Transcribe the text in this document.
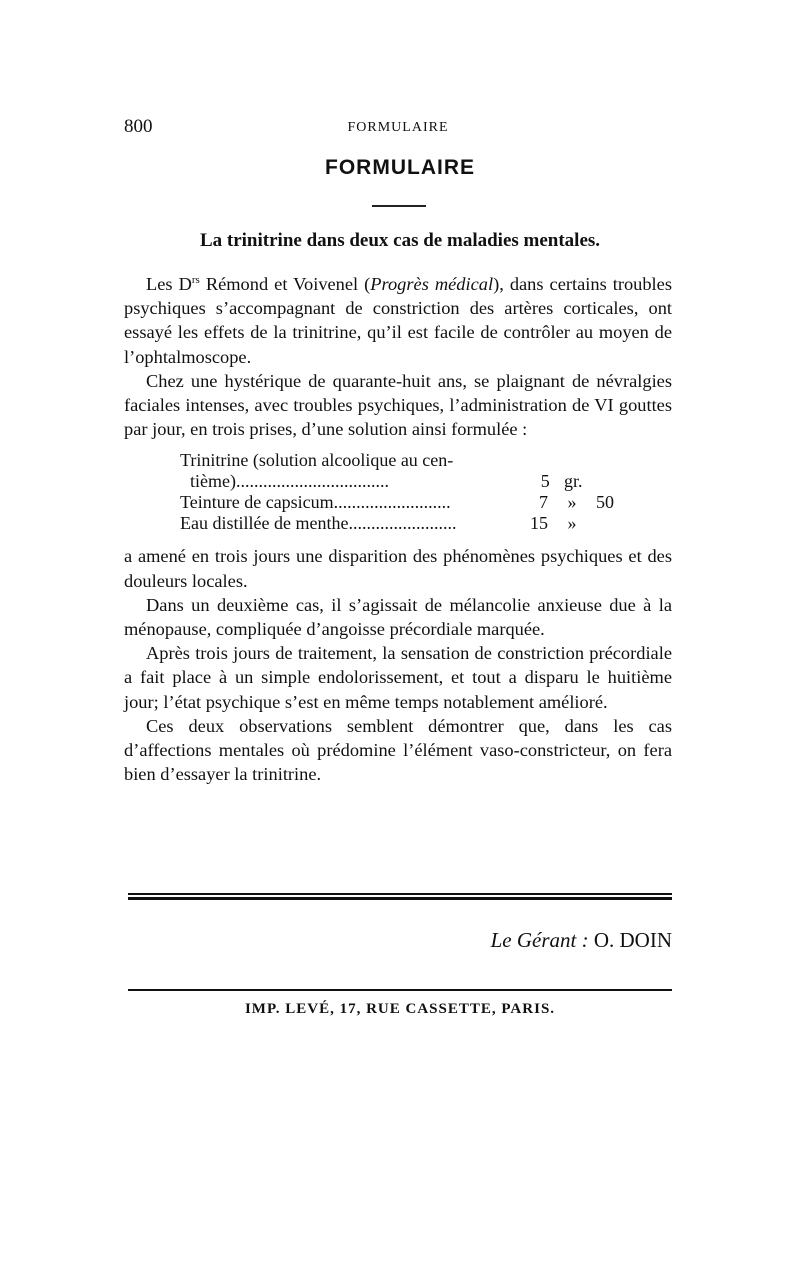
800	FORMULAIRE
FORMULAIRE
La trinitrine dans deux cas de maladies mentales.

Les $D^{rs}$ Rémond et Voivenel (Progrès médical), dans certains troubles psychiques s’accompagnant de constriction des artères corticales, ont essayé les effets de la trinitrine, qu’il est facile de contrôler au moyen de l’ophtalmoscope.

Chez une hystérique de quarante-huit ans, se plaignant de névralgies faciales intenses, avec troubles psychiques, l’administration de VI gouttes par jour, en trois prises, d’une solution ainsi formulée :

Trinitrine (solution alcoolique au cen-
tième)..................................	5 gr.
Teinture de capsicum..........................	7	»	50
Eau distillée de menthe........................	15	»

a amené en trois jours une disparition des phénomènes psychiques et des douleurs locales.

Dans un deuxième cas, il s’agissait de mélancolie anxieuse due à la ménopause, compliquée d’angoisse précordiale marquée.

Après trois jours de traitement, la sensation de constriction précordiale a fait place à un simple endolorissement, et tout a disparu le huitième jour; l’état psychique s’est en même temps notablement amélioré.

Ces deux observations semblent démontrer que, dans les cas d’affections mentales où prédomine l’élément vaso-constricteur, on fera bien d’essayer la trinitrine.

Le Gérant : O. DOIN
IMP. LEVÉ, 17, RUE CASSETTE, PARIS.
